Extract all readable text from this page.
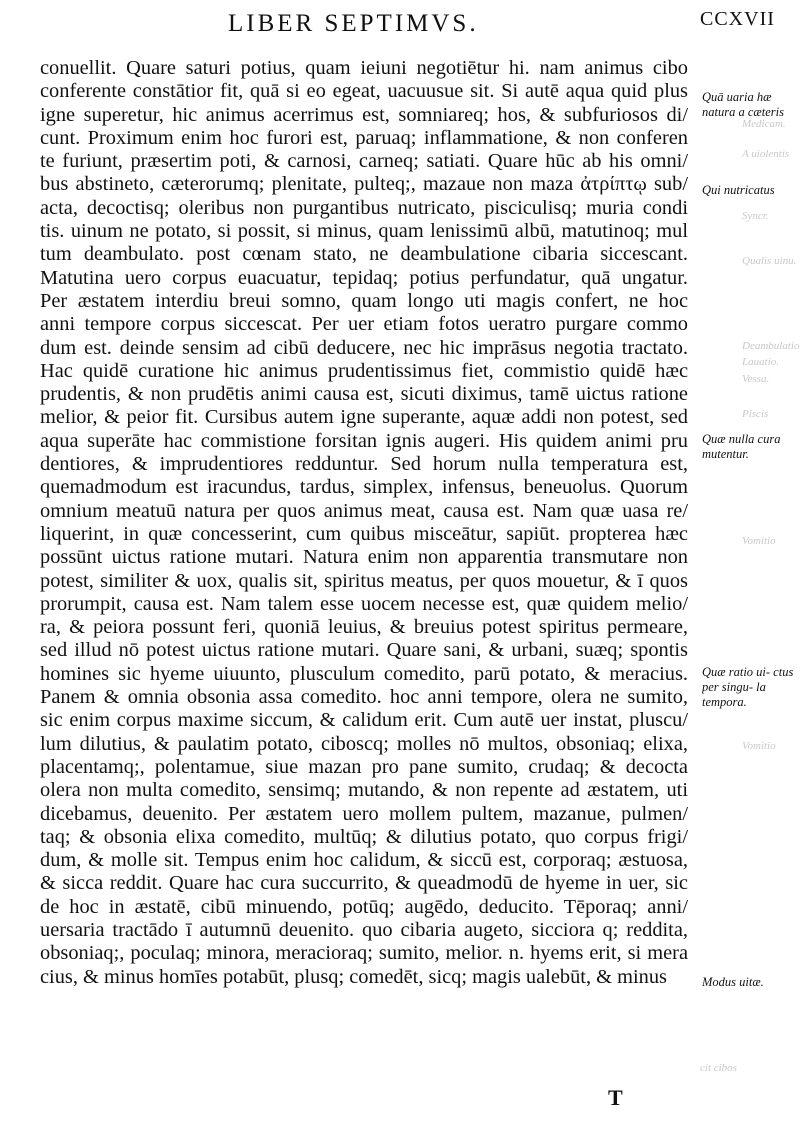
LIBER SEPTIMVS.	CCXVII
conuellit. Quare saturi potius, quam ieiuni negotiētur hi. nam animus cibo
conferente constātior fit, quā si eo egeat, uacuusue sit. Si autē aqua quid plus
igne superetur, hic animus acerrimus est, somniareq; hos, & subfuriosos di/
cunt. Proximum enim hoc furori est, paruaq; inflammatione, & non conferen
te furiunt, præsertim poti, & carnosi, carneq; satiati. Quare hūc ab his omni/
bus abstineto, cæterorumq; plenitate, pulteq;, mazaue non maza ἀτρίπτῳ sub/
acta, decoctisq; oleribus non purgantibus nutricato, pisciculisq; muria condi
tis. uinum ne potato, si possit, si minus, quam lenissimū albū, matutinoq; mul
tum deambulato. post cœnam stato, ne deambulatione cibaria siccescant.
Matutina uero corpus euacuatur, tepidaq; potius perfundatur, quā ungatur.
Per æstatem interdiu breui somno, quam longo uti magis confert, ne hoc
anni tempore corpus siccescat. Per uer etiam fotos ueratro purgare commo
dum est. deinde sensim ad cibū deducere, nec hic imprāsus negotia tractato.
Hac quidē curatione hic animus prudentissimus fiet, commistio quidē hæc
prudentis, & non prudētis animi causa est, sicuti diximus, tamē uictus ratione
melior, & peior fit. Cursibus autem igne superante, aquæ addi non potest, sed
aqua superāte hac commistione forsitan ignis augeri. His quidem animi pru
dentiores, & imprudentiores redduntur. Sed horum nulla temperatura est,
quemadmodum est iracundus, tardus, simplex, infensus, beneuolus. Quorum
omnium meatuū natura per quos animus meat, causa est. Nam quæ uasa re/
liquerint, in quæ concesserint, cum quibus misceātur, sapiūt. propterea hæc
possūnt uictus ratione mutari. Natura enim non apparentia transmutare non
potest, similiter & uox, qualis sit, spiritus meatus, per quos mouetur, & ī quos
prorumpit, causa est. Nam talem esse uocem necesse est, quæ quidem melio/
ra, & peiora possunt feri, quoniā leuius, & breuius potest spiritus permeare,
sed illud nō potest uictus ratione mutari. Quare sani, & urbani, suæq; spontis
homines sic hyeme uiuunto, plusculum comedito, parū potato, & meracius.
Panem & omnia obsonia assa comedito. hoc anni tempore, olera ne sumito,
sic enim corpus maxime siccum, & calidum erit. Cum autē uer instat, pluscu/
lum dilutius, & paulatim potato, ciboscq; molles nō multos, obsoniaq; elixa,
placentamq;, polentamue, siue mazan pro pane sumito, crudaq; & decocta
olera non multa comedito, sensimq; mutando, & non repente ad æstatem, uti
dicebamus, deuenito. Per æstatem uero mollem pultem, mazanue, pulmen/
taq; & obsonia elixa comedito, multūq; & dilutius potato, quo corpus frigi/
dum, & molle sit. Tempus enim hoc calidum, & siccū est, corporaq; æstuosa,
& sicca reddit. Quare hac cura succurrito, & queadmodū de hyeme in uer, sic
de hoc in æstatē, cibū minuendo, potūq; augēdo, deducito. Tēporaq; anni/
uersaria tractādo ī autumnū deuenito. quo cibaria augeto, sicciora q; reddita,
obsoniaq;, poculaq; minora, meracioraq; sumito, melior. n. hyems erit, si mera
cius, & minus homīes potabūt, plusq; comedēt, sicq; magis ualebūt, & minus
Quā uaria hæ natura a cæteris
Qui nutricatus
Quæ nulla cura mutentur.
Quæ ratio ui- ctus per singu- la tempora.
Modus uitæ.
Medicam.
A uiolentis
Syncr.
Qualis uinu.
Deambulatio
Lauatio.
Vessa.
Piscis
Vomitio
Vomitio
cit cibos
T
